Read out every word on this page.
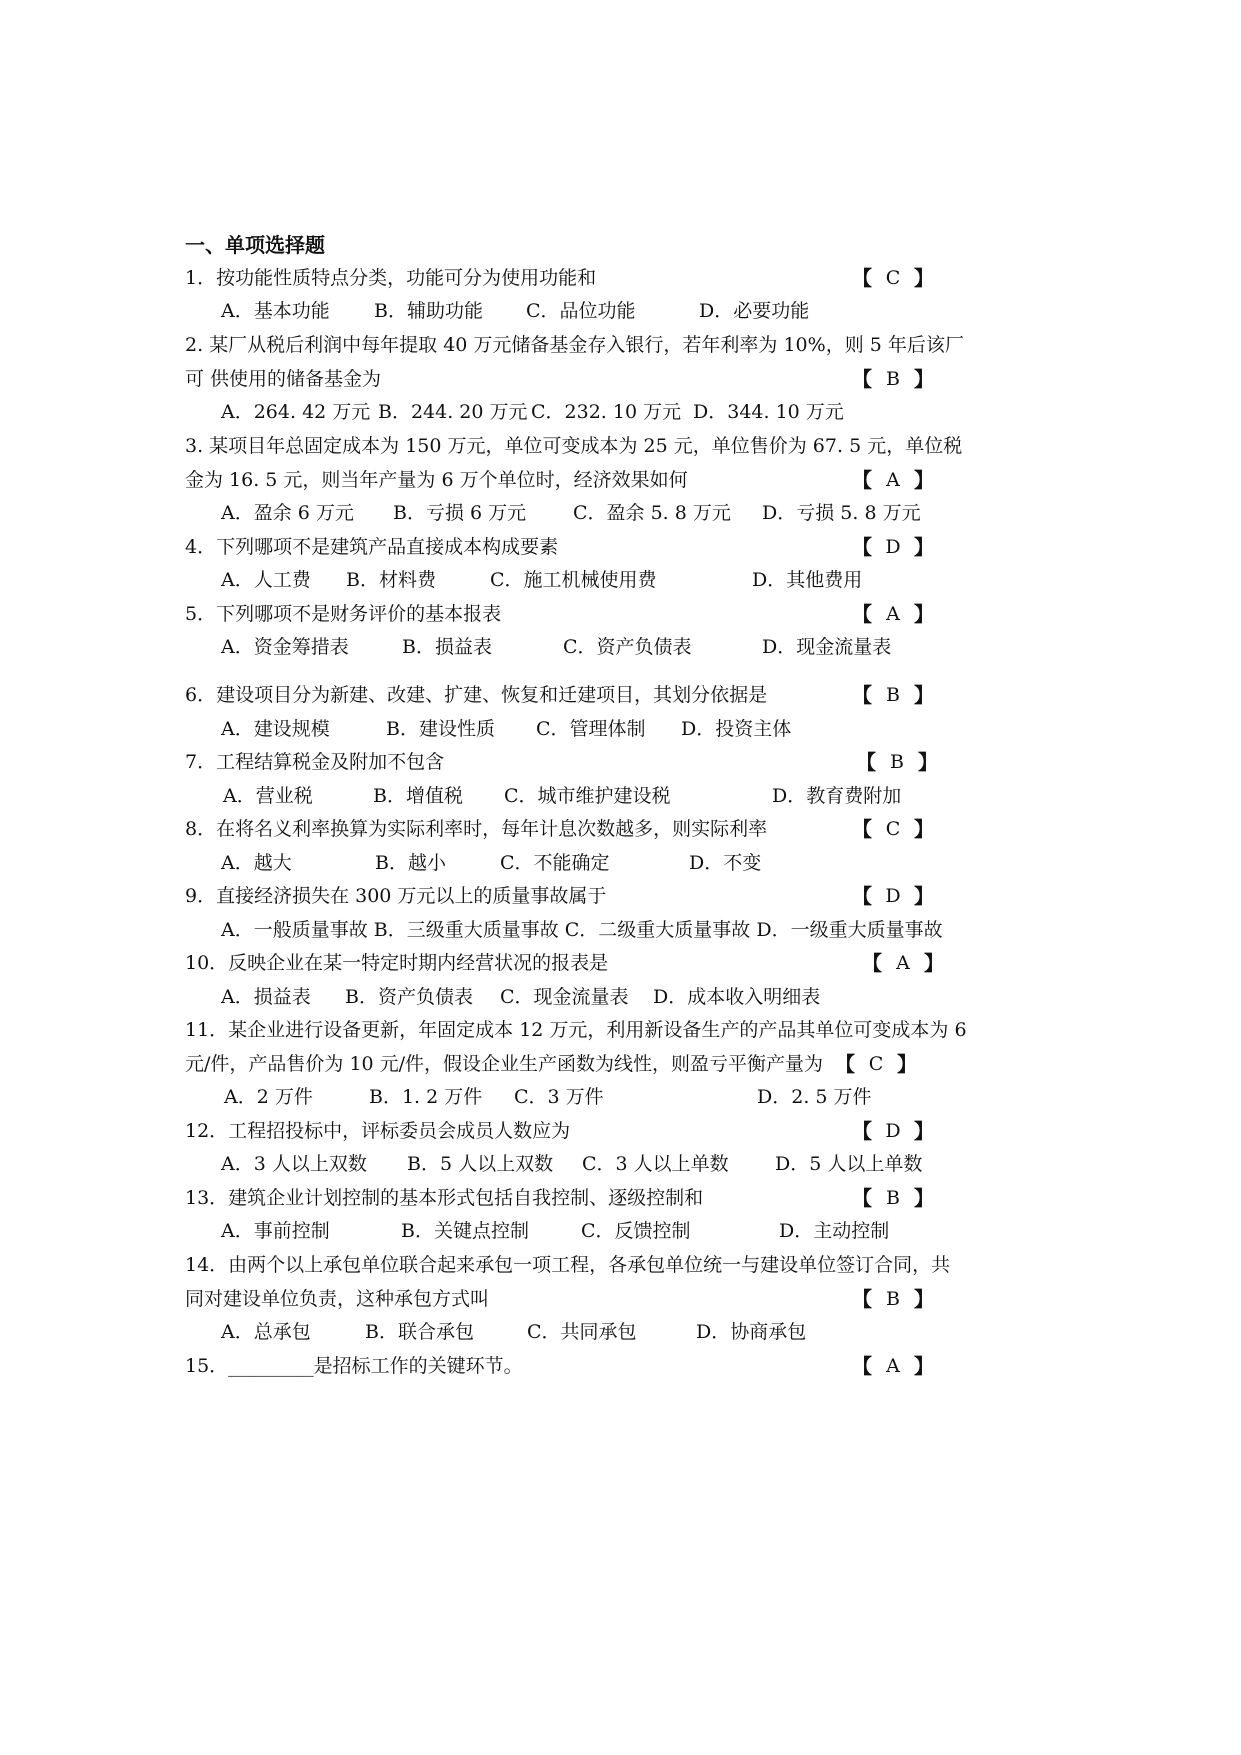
一、单项选择题
1．按功能性质特点分类，功能可分为使用功能和	【 C 】
A．基本功能 B．辅助功能 C．品位功能	D．必要功能
2. 某厂从税后利润中每年提取 40 万元储备基金存入银行，若年利率为 10%，则 5 年后该厂
可 供使用的储备基金为	【 B 】
A．264. 42 万元 B．244. 20 万元 C．232. 10 万元 D．344. 10 万元
3. 某项目年总固定成本为 150 万元，单位可变成本为 25 元，单位售价为 67. 5 元，单位税
金为 16. 5 元，则当年产量为 6 万个单位时，经济效果如何	【 A 】
A．盈余 6 万元 B．亏损 6 万元 C．盈余 5. 8 万元 D．亏损 5. 8 万元
4．下列哪项不是建筑产品直接成本构成要素	【 D 】
A．人工费 B．材料费	C．施工机械使用费	D．其他费用
5．下列哪项不是财务评价的基本报表	【 A 】
A．资金筹措表	B．损益表	C．资产负债表	D．现金流量表
6．建设项目分为新建、改建、扩建、恢复和迁建项目，其划分依据是	【 B 】
A．建设规模	B．建设性质 C．管理体制 D．投资主体
7．工程结算税金及附加不包含	【 B 】
A．营业税	B．增值税 C．城市维护建设税	D．教育费附加
8．在将名义利率换算为实际利率时，每年计息次数越多，则实际利率	【 C 】
A．越大	B．越小	C．不能确定	D．不变
9．直接经济损失在 300 万元以上的质量事故属于	【 D 】
A．一般质量事故 B．三级重大质量事故 C．二级重大质量事故 D．一级重大质量事故
10．反映企业在某一特定时期内经营状况的报表是	【 A 】
A．损益表 B．资产负债表 C．现金流量表 D．成本收入明细表
11．某企业进行设备更新，年固定成本 12 万元，利用新设备生产的产品其单位可变成本为 6
元/件，产品售价为 10 元/件，假设企业生产函数为线性，则盈亏平衡产量为 【 C 】
A．2 万件	B．1. 2 万件 C．3 万件	D．2. 5 万件
12．工程招投标中，评标委员会成员人数应为	【 D 】
A．3 人以上双数 B．5 人以上双数 C．3 人以上单数 D．5 人以上单数
13．建筑企业计划控制的基本形式包括自我控制、逐级控制和	【 B 】
A．事前控制	B．关键点控制	C．反馈控制	D．主动控制
14．由两个以上承包单位联合起来承包一项工程，各承包单位统一与建设单位签订合同，共
同对建设单位负责，这种承包方式叫	【 B 】
A．总承包	B．联合承包	C．共同承包	D．协商承包
15．_________是招标工作的关键环节。	【 A 】
